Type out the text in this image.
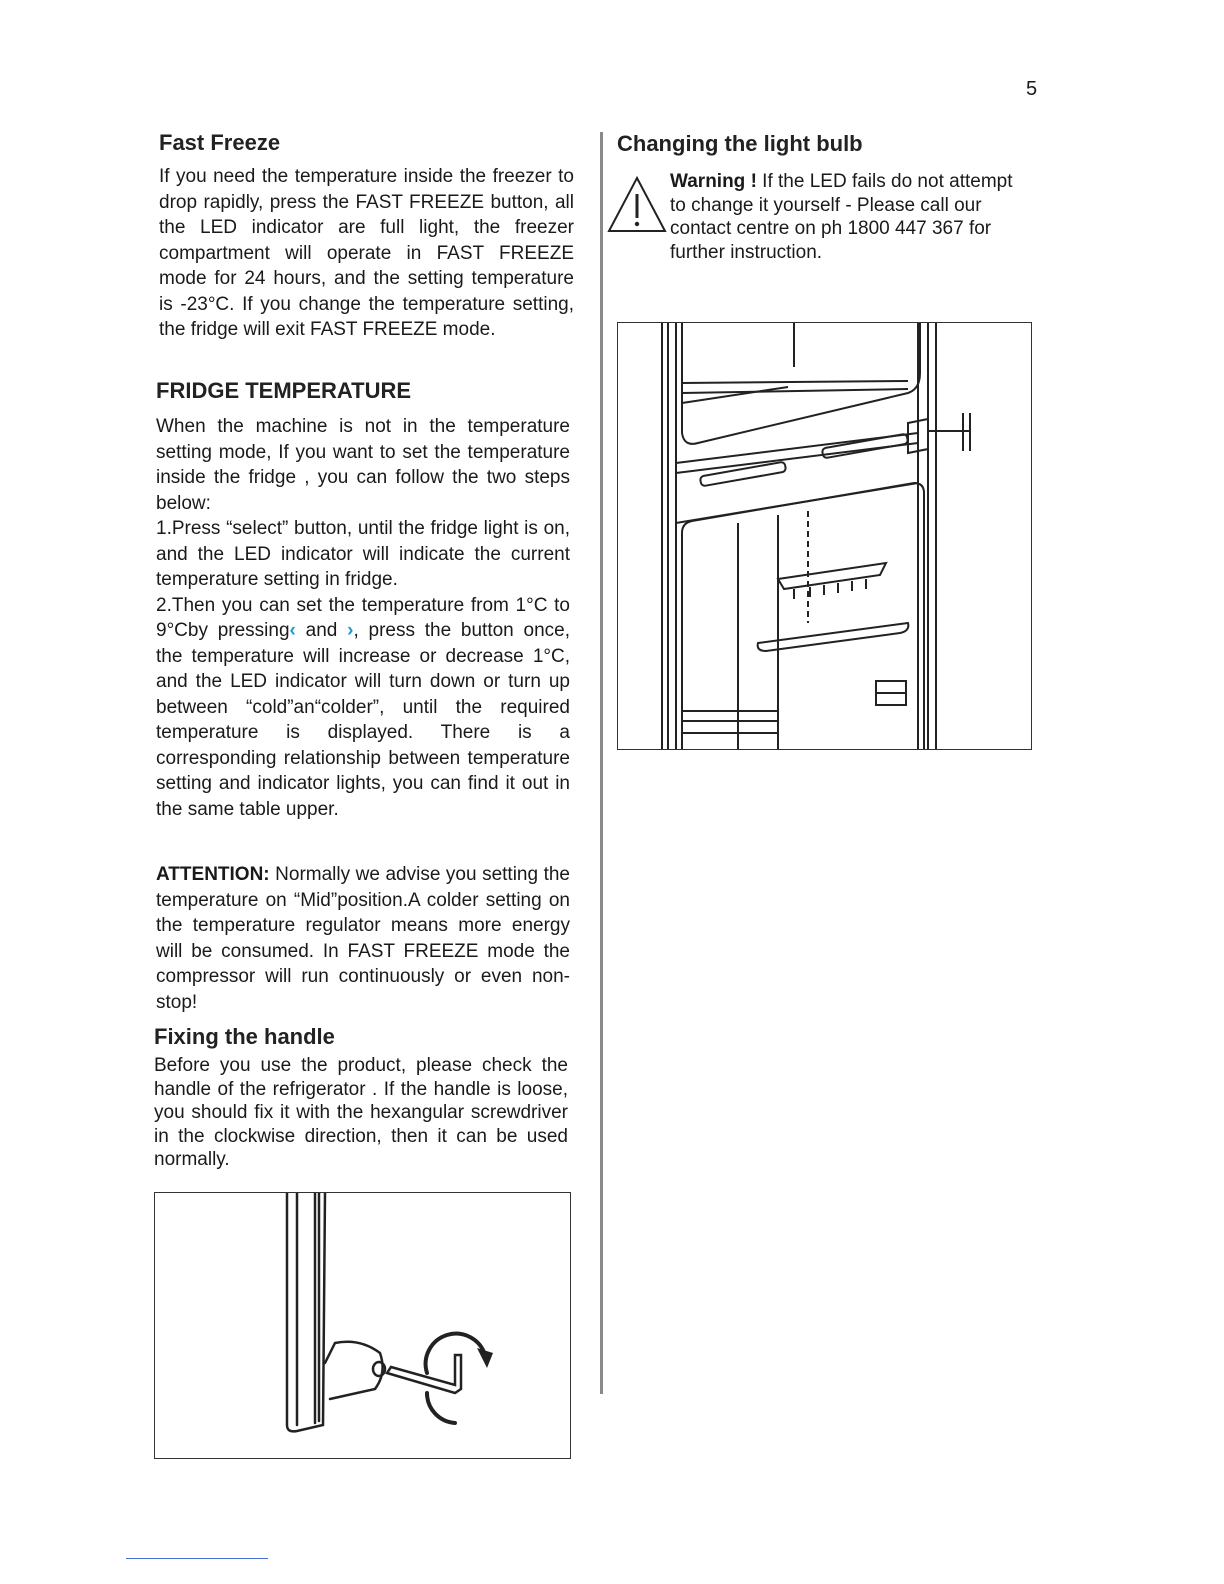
5
Fast Freeze

If you need the temperature inside the freezer to drop rapidly, press the FAST FREEZE button, all the LED indicator are full light, the freezer compartment will operate in FAST FREEZE mode for 24 hours, and the setting temperature is -23°C. If you change the temperature setting, the fridge will exit FAST FREEZE mode.

FRIDGE TEMPERATURE

When the machine is not in the temperature setting mode, If you want to set the temperature inside the fridge , you can follow the two steps below:

1.Press “select” button, until the fridge light is on, and the LED indicator will indicate the current temperature setting in fridge.

2.Then you can set the temperature from 1°C to 9°Cby pressing‹ and ›, press the button once, the temperature will increase or decrease 1°C, and the LED indicator will turn down or turn up between “cold”an“colder”, until the required temperature is displayed. There is a corresponding relationship between temperature setting and indicator lights, you can find it out in the same table upper.

ATTENTION: Normally we advise you setting the temperature on “Mid”position.A colder setting on the temperature regulator means more energy will be consumed. In FAST FREEZE mode the compressor will run continuously or even non-stop!

Fixing the handle

Before you use the product, please check the handle of the refrigerator . If the handle is loose, you should fix it with the hexangular screwdriver in the clockwise direction, then it can be used normally.

Changing the light bulb

Warning ! If the LED fails do not attempt to change it yourself - Please call our contact centre on ph 1800 447 367 for further instruction.
